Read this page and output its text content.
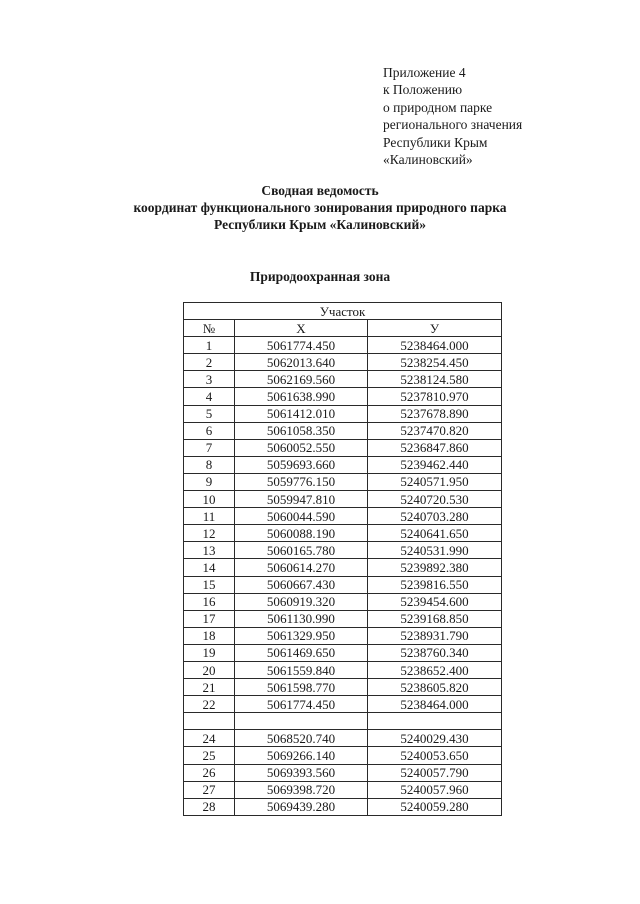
Приложение 4
к Положению
о природном парке
регионального значения
Республики Крым
«Калиновский»
Сводная ведомость
координат функционального зонирования природного парка
Республики Крым «Калиновский»
Природоохранная зона
Участок		
№	X	У
1	5061774.450	5238464.000
2	5062013.640	5238254.450
3	5062169.560	5238124.580
4	5061638.990	5237810.970
5	5061412.010	5237678.890
6	5061058.350	5237470.820
7	5060052.550	5236847.860
8	5059693.660	5239462.440
9	5059776.150	5240571.950
10	5059947.810	5240720.530
11	5060044.590	5240703.280
12	5060088.190	5240641.650
13	5060165.780	5240531.990
14	5060614.270	5239892.380
15	5060667.430	5239816.550
16	5060919.320	5239454.600
17	5061130.990	5239168.850
18	5061329.950	5238931.790
19	5061469.650	5238760.340
20	5061559.840	5238652.400
21	5061598.770	5238605.820
22	5061774.450	5238464.000

24	5068520.740	5240029.430
25	5069266.140	5240053.650
26	5069393.560	5240057.790
27	5069398.720	5240057.960
28	5069439.280	5240059.280
